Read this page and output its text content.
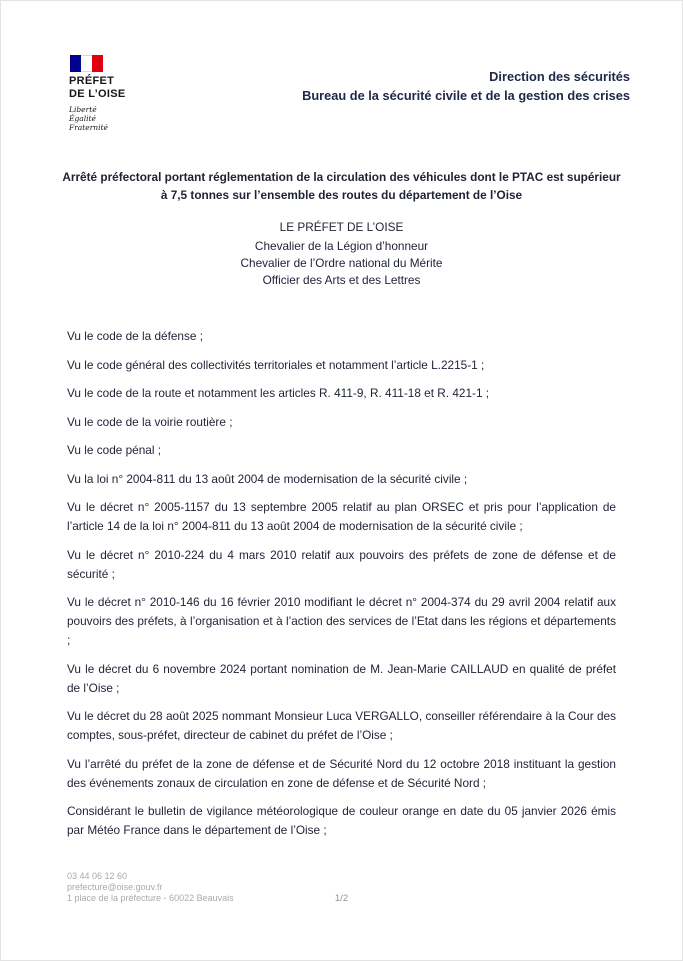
PRÉFET
DE L’OISE
Liberté
Égalité
Fraternité
Direction des sécurités
Bureau de la sécurité civile et de la gestion des crises

Arrêté préfectoral portant réglementation de la circulation des véhicules dont le PTAC est supérieur à 7,5 tonnes sur l’ensemble des routes du département de l’Oise

LE PRÉFET DE L’OISE
Chevalier de la Légion d’honneur
Chevalier de l’Ordre national du Mérite
Officier des Arts et des Lettres

Vu le code de la défense ;

Vu le code général des collectivités territoriales et notamment l’article L.2215-1 ;

Vu le code de la route et notamment les articles R. 411-9, R. 411-18 et R. 421-1 ;

Vu le code de la voirie routière ;

Vu le code pénal ;

Vu la loi n° 2004-811 du 13 août 2004 de modernisation de la sécurité civile ;

Vu le décret n° 2005-1157 du 13 septembre 2005 relatif au plan ORSEC et pris pour l’application de l’article 14 de la loi n° 2004-811 du 13 août 2004 de modernisation de la sécurité civile ;

Vu le décret n° 2010-224 du 4 mars 2010 relatif aux pouvoirs des préfets de zone de défense et de sécurité ;

Vu le décret n° 2010-146 du 16 février 2010 modifiant le décret n° 2004-374 du 29 avril 2004 relatif aux pouvoirs des préfets, à l’organisation et à l’action des services de l’Etat dans les régions et départements ;

Vu le décret du 6 novembre 2024 portant nomination de M. Jean-Marie CAILLAUD en qualité de préfet de l’Oise ;

Vu le décret du 28 août 2025 nommant Monsieur Luca VERGALLO, conseiller référendaire à la Cour des comptes, sous-préfet, directeur de cabinet du préfet de l’Oise ;

Vu l’arrêté du préfet de la zone de défense et de Sécurité Nord du 12 octobre 2018 instituant la gestion des événements zonaux de circulation en zone de défense et de Sécurité Nord ;

Considérant le bulletin de vigilance météorologique de couleur orange en date du 05 janvier 2026 émis par Météo France dans le département de l’Oise ;

03 44 06 12 60
prefecture@oise.gouv.fr
1 place de la préfecture - 60022 Beauvais	1/2
